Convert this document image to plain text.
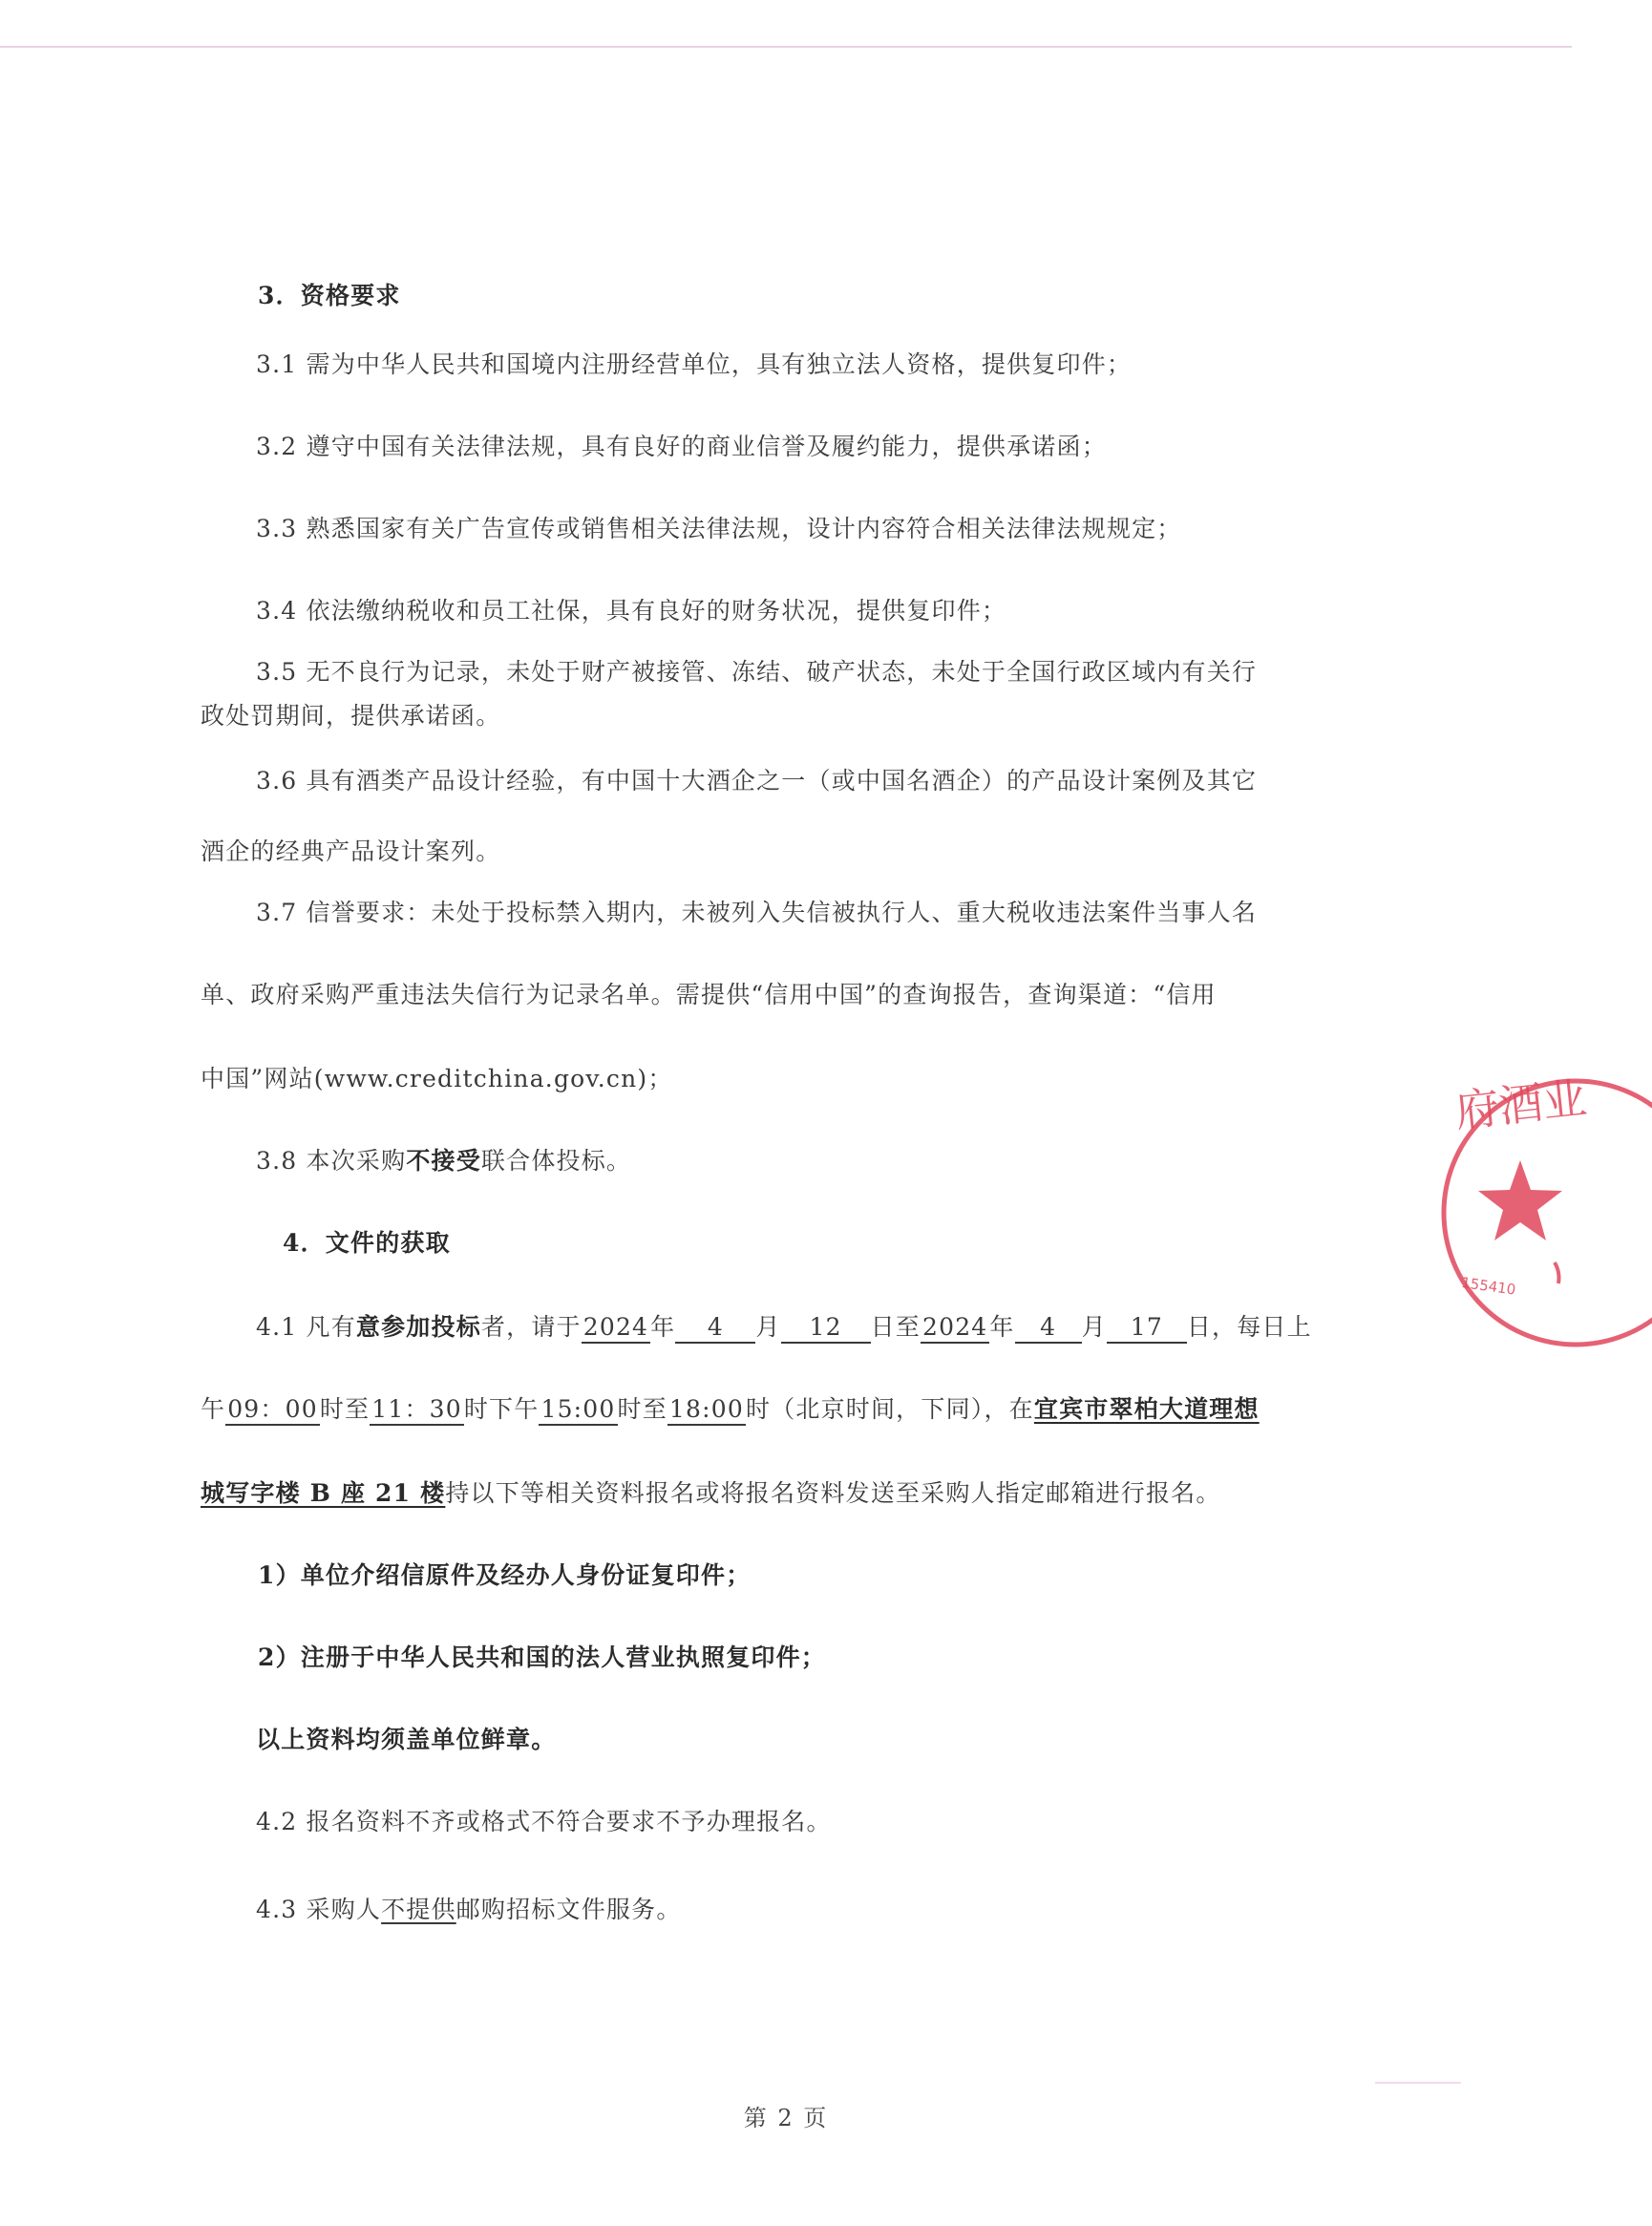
3．资格要求
3.1 需为中华人民共和国境内注册经营单位，具有独立法人资格，提供复印件；
3.2 遵守中国有关法律法规，具有良好的商业信誉及履约能力，提供承诺函；
3.3 熟悉国家有关广告宣传或销售相关法律法规，设计内容符合相关法律法规规定；
3.4 依法缴纳税收和员工社保，具有良好的财务状况，提供复印件；
3.5 无不良行为记录，未处于财产被接管、冻结、破产状态，未处于全国行政区域内有关行
政处罚期间，提供承诺函。
3.6 具有酒类产品设计经验，有中国十大酒企之一（或中国名酒企）的产品设计案例及其它
酒企的经典产品设计案列。
3.7 信誉要求：未处于投标禁入期内，未被列入失信被执行人、重大税收违法案件当事人名
单、政府采购严重违法失信行为记录名单。需提供“信用中国”的查询报告，查询渠道：“信用
中国”网站(www.creditchina.gov.cn)；
3.8 本次采购不接受联合体投标。
4．文件的获取
4.1 凡有意参加投标者，请于2024年 4 月 12 日至2024年 4 月 17 日，每日上
午09：00时至11：30时下午15:00时至18:00时（北京时间，下同），在宜宾市翠柏大道理想
城写字楼 B 座 21 楼持以下等相关资料报名或将报名资料发送至采购人指定邮箱进行报名。
1）单位介绍信原件及经办人身份证复印件；
2）注册于中华人民共和国的法人营业执照复印件；
以上资料均须盖单位鲜章。
4.2 报名资料不齐或格式不符合要求不予办理报名。
4.3 采购人不提供邮购招标文件服务。
第 2 页
府酒业
155410
